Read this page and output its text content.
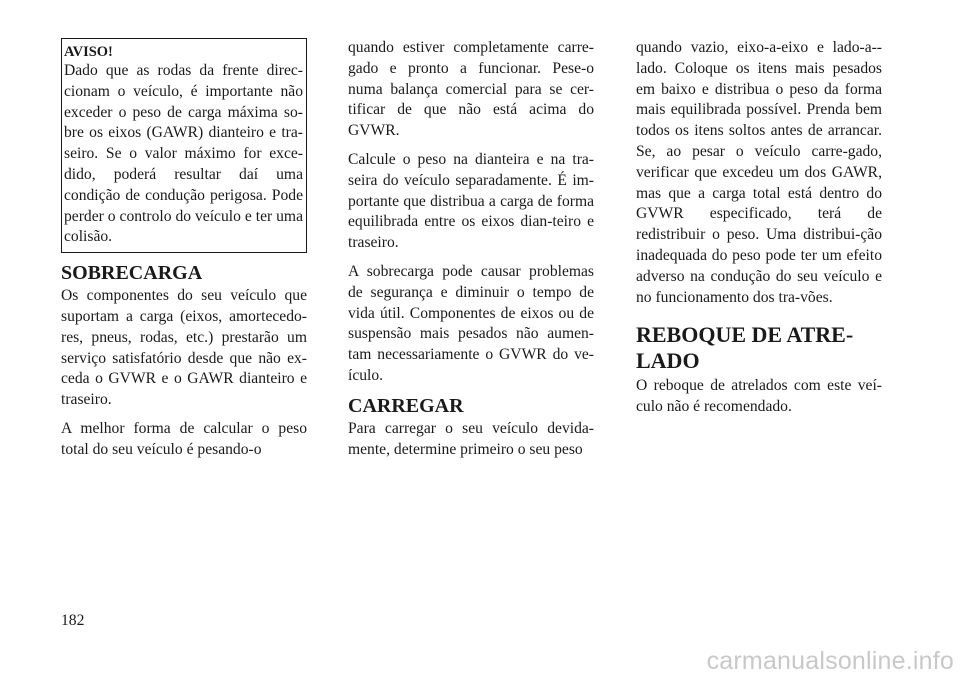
AVISO!

Dado que as rodas da frente direc-cionam o veículo, é importante não exceder o peso de carga máxima so-bre os eixos (GAWR) dianteiro e tra-seiro. Se o valor máximo for exce-dido, poderá resultar daí uma condição de condução perigosa. Pode perder o controlo do veículo e ter uma colisão.

SOBRECARGA

Os componentes do seu veículo que suportam a carga (eixos, amortecedo-res, pneus, rodas, etc.) prestarão um serviço satisfatório desde que não ex-ceda o GVWR e o GAWR dianteiro e traseiro.

A melhor forma de calcular o peso total do seu veículo é pesando-o

quando estiver completamente carre-gado e pronto a funcionar. Pese-o numa balança comercial para se cer-tificar de que não está acima do GVWR.

Calcule o peso na dianteira e na tra-seira do veículo separadamente. É im-portante que distribua a carga de forma equilibrada entre os eixos dian-teiro e traseiro.

A sobrecarga pode causar problemas de segurança e diminuir o tempo de vida útil. Componentes de eixos ou de suspensão mais pesados não aumen-tam necessariamente o GVWR do ve-ículo.

CARREGAR

Para carregar o seu veículo devida-mente, determine primeiro o seu peso

quando vazio, eixo-a-eixo e lado-a--lado. Coloque os itens mais pesados em baixo e distribua o peso da forma mais equilibrada possível. Prenda bem todos os itens soltos antes de arrancar. Se, ao pesar o veículo carre-gado, verificar que excedeu um dos GAWR, mas que a carga total está dentro do GVWR especificado, terá de redistribuir o peso. Uma distribui-ção inadequada do peso pode ter um efeito adverso na condução do seu veículo e no funcionamento dos tra-vões.

REBOQUE DE ATRE-LADO

O reboque de atrelados com este veí-culo não é recomendado.

182
carmanualsonline.info
